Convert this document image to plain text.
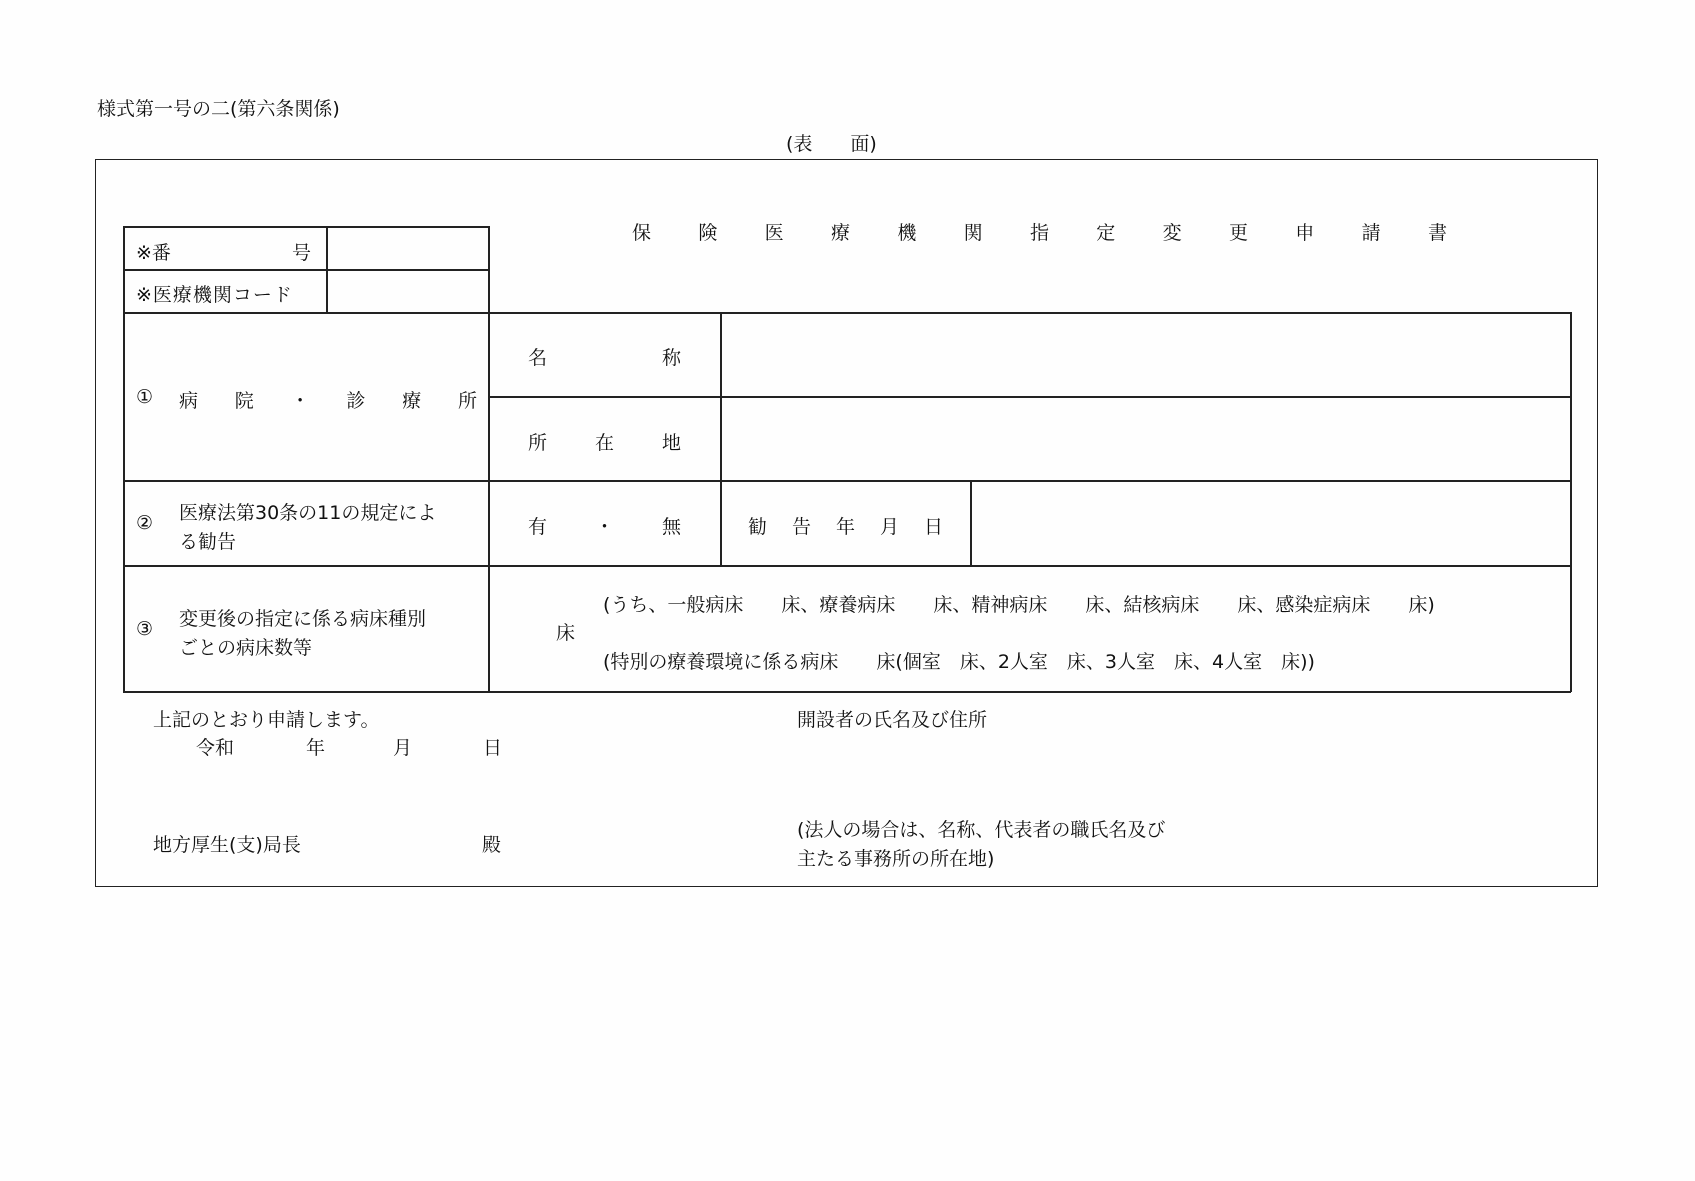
様式第一号の二(第六条関係)
(表　　面)
保 険 医 療 機 関 指 定 変 更 申 請 書
※番	号
※医療機関コード
① 病 院 ・ 診 療 所
名	称
所	在	地
② 医療法第30条の11の規定によ
る勧告
有	・	無	勧 告 年 月 日
③ 変更後の指定に係る病床種別
ごとの病床数等
床
(うち、一般病床　　床、療養病床　　床、精神病床　　床、結核病床　　床、感染症病床　　床)
(特別の療養環境に係る病床　　床(個室　床、2人室　床、3人室　床、4人室　床))
上記のとおり申請します。
令和	年	月	日
地方厚生(支)局長	殿
開設者の氏名及び住所
(法人の場合は、名称、代表者の職氏名及び
主たる事務所の所在地)
